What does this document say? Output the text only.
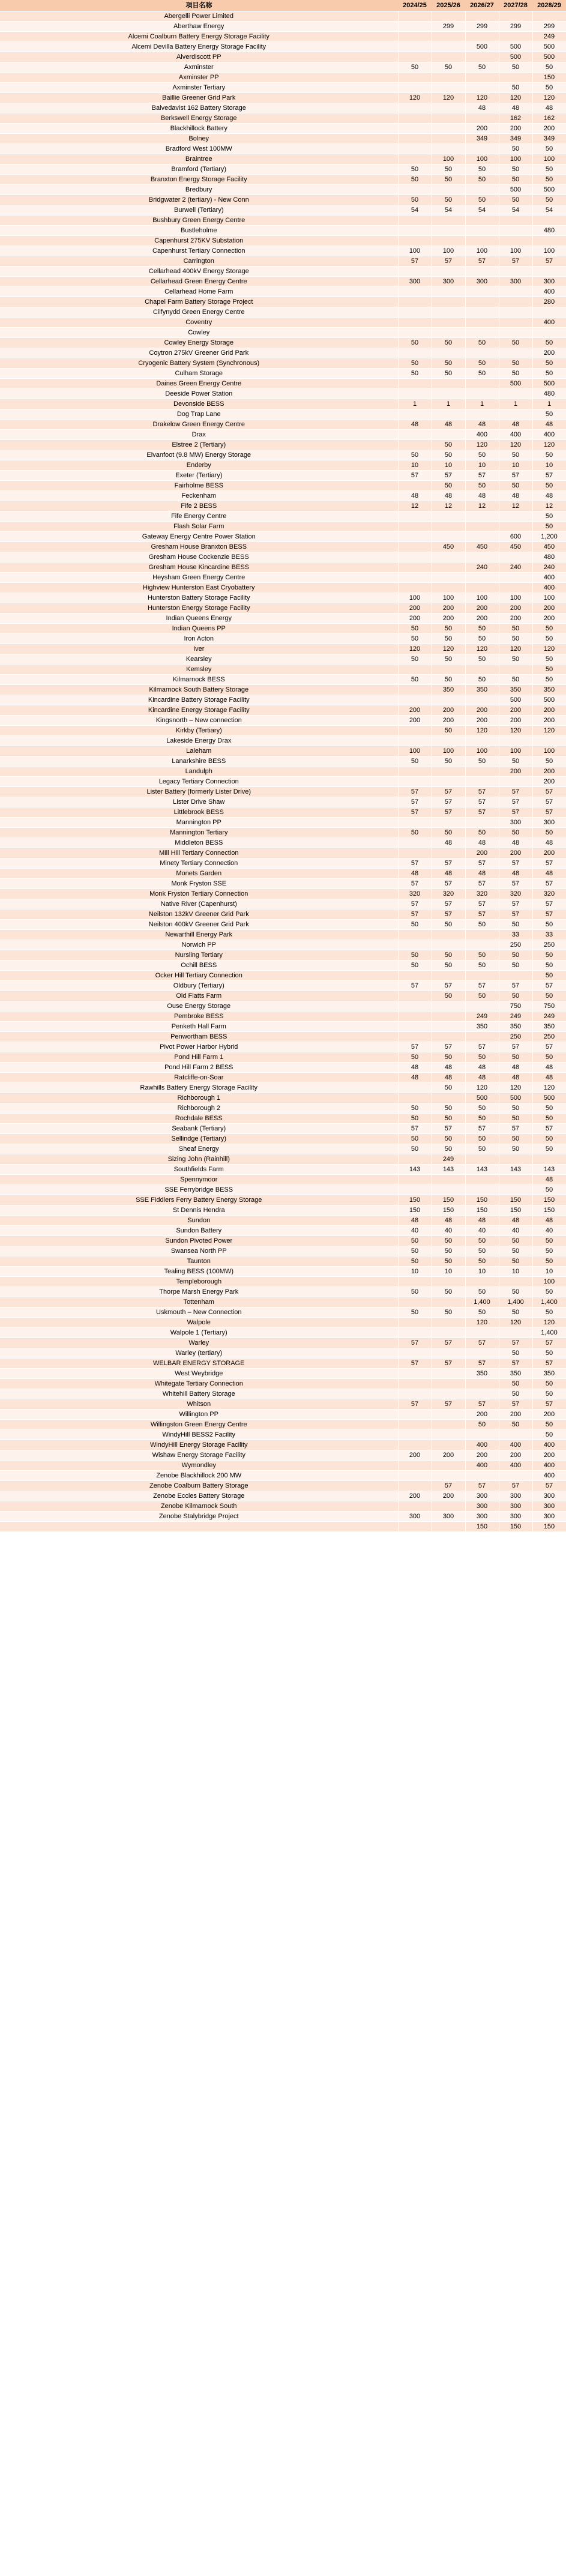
項目名称	2024/25	2025/26	2026/27	2027/28	2028/29
Abergelli Power Limited					
Aberthaw Energy		299	299	299	299
Alcemi Coalburn Battery Energy Storage Facility					249
Alcemi Devilla Battery Energy Storage Facility			500	500	500
Alverdiscott PP				500	500
Axminster	50	50	50	50	50
Axminster PP					150
Axminster Tertiary				50	50
Baillie Greener Grid Park	120	120	120	120	120
Balvedavist 162 Battery Storage			48	48	48
Berkswell Energy Storage				162	162
Blackhillock Battery			200	200	200
Bolney			349	349	349
Bradford West 100MW				50	50
Braintree		100	100	100	100
Bramford (Tertiary)	50	50	50	50	50
Branxton Energy Storage Facility	50	50	50	50	50
Bredbury				500	500
Bridgwater 2 (tertiary) - New Conn	50	50	50	50	50
Burwell (Tertiary)	54	54	54	54	54
Bushbury Green Energy Centre					
Bustleholme					480
Capenhurst 275KV Substation					
Capenhurst Tertiary Connection	100	100	100	100	100
Carrington	57	57	57	57	57
Cellarhead 400kV Energy Storage					
Cellarhead Green Energy Centre	300	300	300	300	300
Cellarhead Home Farm					400
Chapel Farm Battery Storage Project					280
Cilfynydd Green Energy Centre					
Coventry					400
Cowley					
Cowley Energy Storage	50	50	50	50	50
Coytron 275kV Greener Grid Park					200
Cryogenic Battery System (Synchronous)	50	50	50	50	50
Culham Storage	50	50	50	50	50
Daines Green Energy Centre				500	500
Deeside Power Station					480
Devonside BESS	1	1	1	1	1
Dog Trap Lane					50
Drakelow Green Energy Centre	48	48	48	48	48
Drax			400	400	400
Elstree 2 (Tertiary)		50	120	120	120
Elvanfoot (9.8 MW) Energy Storage	50	50	50	50	50
Enderby	10	10	10	10	10
Exeter (Tertiary)	57	57	57	57	57
Fairholme BESS		50	50	50	50
Feckenham	48	48	48	48	48
Fife 2 BESS	12	12	12	12	12
Fife Energy Centre					50
Flash Solar Farm					50
Gateway Energy Centre Power Station				600	1,200
Gresham House Branxton BESS		450	450	450	450
Gresham House Cockenzie BESS					480
Gresham House Kincardine BESS			240	240	240
Heysham Green Energy Centre					400
Highview Hunterston East Cryobattery					400
Hunterston Battery Storage Facility	100	100	100	100	100
Hunterston Energy Storage Facility	200	200	200	200	200
Indian Queens Energy	200	200	200	200	200
Indian Queens PP	50	50	50	50	50
Iron Acton	50	50	50	50	50
Iver	120	120	120	120	120
Kearsley	50	50	50	50	50
Kemsley					50
Kilmarnock BESS	50	50	50	50	50
Kilmarnock South Battery Storage		350	350	350	350
Kincardine Battery Storage Facility				500	500
Kincardine Energy Storage Facility	200	200	200	200	200
Kingsnorth – New connection	200	200	200	200	200
Kirkby (Tertiary)		50	120	120	120
Lakeside Energy Drax					
Laleham	100	100	100	100	100
Lanarkshire BESS	50	50	50	50	50
Landulph				200	200
Legacy Tertiary Connection					200
Lister Battery (formerly Lister Drive)	57	57	57	57	57
Lister Drive Shaw	57	57	57	57	57
Littlebrook BESS	57	57	57	57	57
Mannington PP				300	300
Mannington Tertiary	50	50	50	50	50
Middleton BESS		48	48	48	48
Mill Hill Tertiary Connection			200	200	200
Minety Tertiary Connection	57	57	57	57	57
Monets Garden	48	48	48	48	48
Monk Fryston SSE	57	57	57	57	57
Monk Fryston Tertiary Connection	320	320	320	320	320
Native River (Capenhurst)	57	57	57	57	57
Neilston 132kV Greener Grid Park	57	57	57	57	57
Neilston 400kV Greener Grid Park	50	50	50	50	50
Newarthill Energy Park				33	33
Norwich PP				250	250
Nursling Tertiary	50	50	50	50	50
Ochill BESS	50	50	50	50	50
Ocker Hill Tertiary Connection					50
Oldbury (Tertiary)	57	57	57	57	57
Old Flatts Farm		50	50	50	50
Ouse Energy Storage				750	750
Pembroke BESS			249	249	249
Penketh Hall Farm			350	350	350
Penwortham BESS				250	250
Pivot Power Harbor Hybrid	57	57	57	57	57
Pond Hill Farm 1	50	50	50	50	50
Pond Hill Farm 2 BESS	48	48	48	48	48
Ratcliffe-on-Soar	48	48	48	48	48
Rawhills Battery Energy Storage Facility		50	120	120	120
Richborough 1			500	500	500
Richborough 2	50	50	50	50	50
Rochdale BESS	50	50	50	50	50
Seabank (Tertiary)	57	57	57	57	57
Sellindge (Tertiary)	50	50	50	50	50
Sheaf Energy	50	50	50	50	50
Sizing John (Rainhill)		249			
Southfields Farm	143	143	143	143	143
Spennymoor					48
SSE Ferrybridge BESS					50
SSE Fiddlers Ferry Battery Energy Storage	150	150	150	150	150
St Dennis Hendra	150	150	150	150	150
Sundon	48	48	48	48	48
Sundon Battery	40	40	40	40	40
Sundon Pivoted Power	50	50	50	50	50
Swansea North PP	50	50	50	50	50
Taunton	50	50	50	50	50
Tealing BESS (100MW)	10	10	10	10	10
Templeborough					100
Thorpe Marsh Energy Park	50	50	50	50	50
Tottenham			1,400	1,400	1,400
Uskmouth – New Connection	50	50	50	50	50
Walpole			120	120	120
Walpole 1 (Tertiary)					1,400
Warley	57	57	57	57	57
Warley (tertiary)				50	50
WELBAR ENERGY STORAGE	57	57	57	57	57
West Weybridge			350	350	350
Whitegate Tertiary Connection				50	50
Whitehill Battery Storage				50	50
Whitson	57	57	57	57	57
Willington PP			200	200	200
Willingston Green Energy Centre			50	50	50
WindyHill BESS2 Facility					50
WindyHill Energy Storage Facility			400	400	400
Wishaw Energy Storage Facility	200	200	200	200	200
Wymondley			400	400	400
Zenobe Blackhillock 200 MW					400
Zenobe Coalburn Battery Storage		57	57	57	57
Zenobe Eccles Battery Storage	200	200	300	300	300
Zenobe Kilmarnock South			300	300	300
Zenobe Stalybridge Project	300	300	300	300	300
			150	150	150
